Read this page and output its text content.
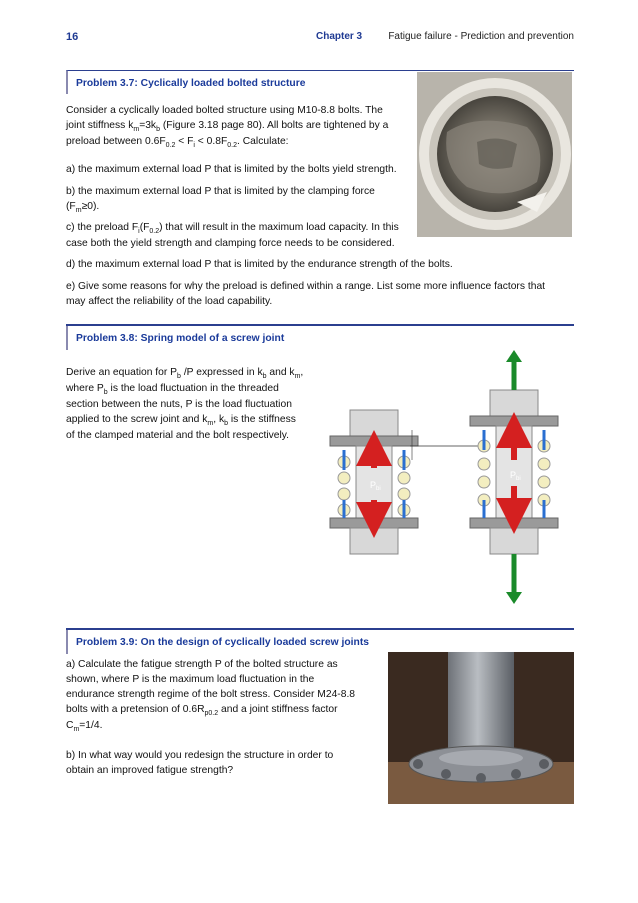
16	Chapter 3	Fatigue failure - Prediction and prevention
Problem 3.7: Cyclically loaded bolted structure
Consider a cyclically loaded bolted structure using M10-8.8 bolts. The
joint stiffness $k_m=3k_b$ (Figure 3.18 page 80). All bolts are tightened by a
preload between $0.6F_{0.2} < F_i < 0.8F_{0.2}$. Calculate:
a) the maximum external load P that is limited by the bolts yield strength.
b) the maximum external load P that is limited by the clamping force
$(F_m\ge 0)$.
c) the preload $F_i(F_{0.2})$ that will result in the maximum load capacity. In this
case both the yield strength and clamping force needs to be considered.
d) the maximum external load P that is limited by the endurance strength of the bolts.
e) Give some reasons for why the preload is defined within a range. List some more influence factors that
may affect the reliability of the load capability.
Problem 3.8: Spring model of a screw joint
Derive an equation for $P_b$ /P expressed in $k_b$ and $k_m$,
where $P_b$ is the load fluctuation in the threaded
section between the nuts, P is the load fluctuation
applied to the screw joint and $k_m$, $k_b$ is the stiffness
of the clamped material and the bolt respectively.
$P_{bi}$
$P_{bi}$
Problem 3.9: On the design of cyclically loaded screw joints
a) Calculate the fatigue strength P of the bolted structure as
shown, where P is the maximum load fluctuation in the
endurance strength regime of the bolt stress. Consider M24-8.8
bolts with a pretension of $0.6R_{p0.2}$ and a joint stiffness factor
$C_m=1/4$.
b) In what way would you redesign the structure in order to
obtain an improved fatigue strength?
